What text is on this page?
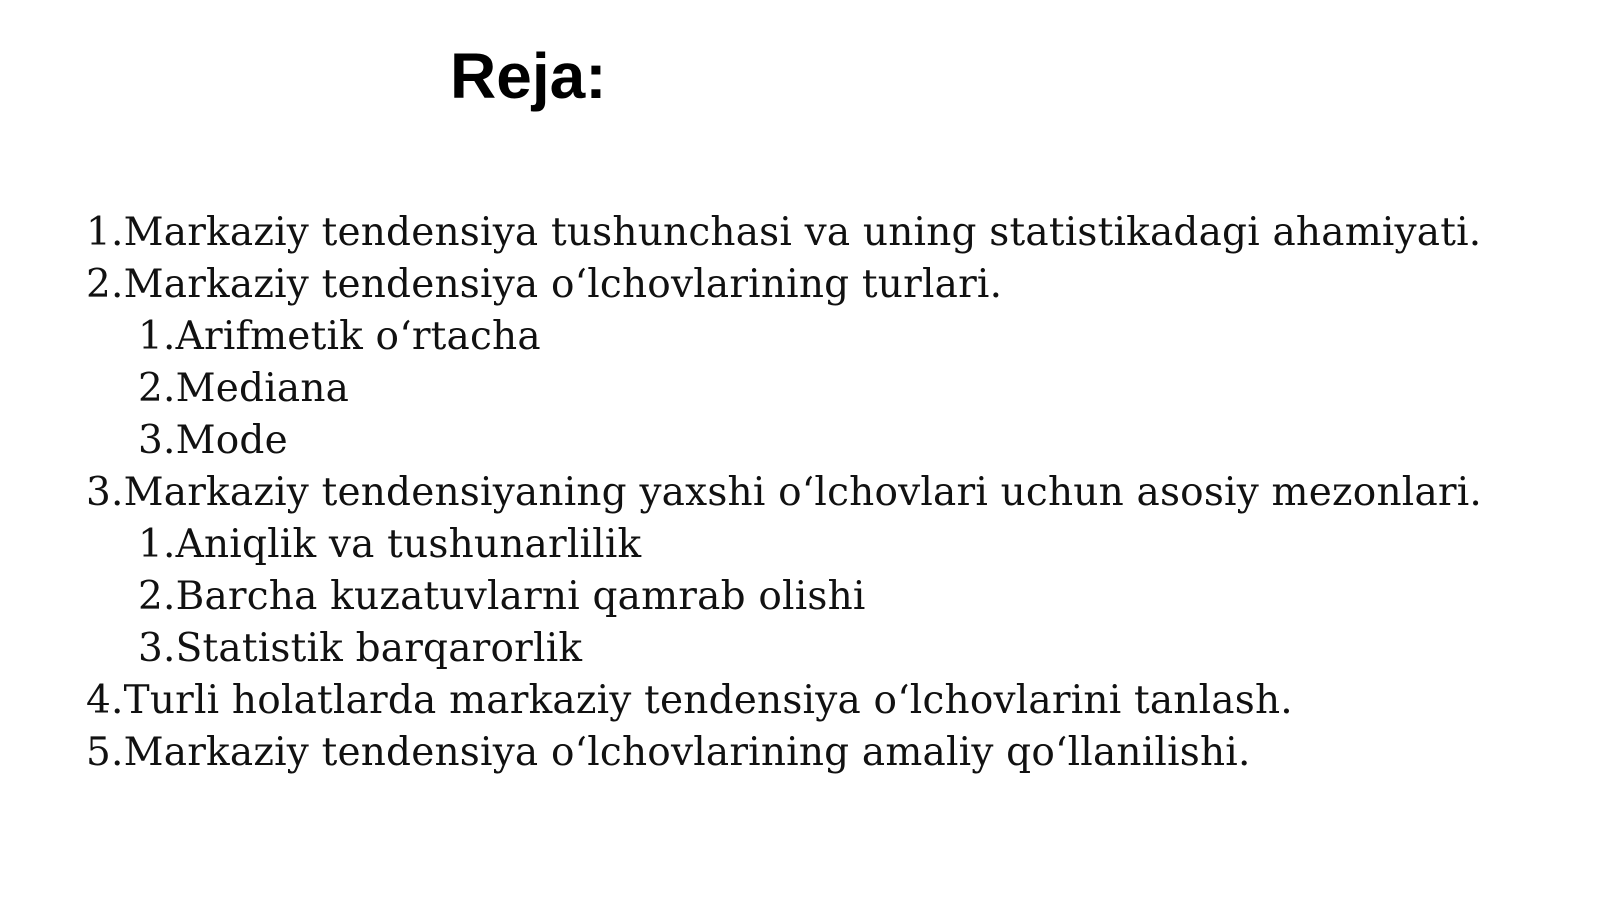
Reja:
1.Markaziy tendensiya tushunchasi va uning statistikadagi ahamiyati.
2.Markaziy tendensiya oʻlchovlarining turlari.
1.Arifmetik oʻrtacha
2.Mediana
3.Mode
3.Markaziy tendensiyaning yaxshi oʻlchovlari uchun asosiy mezonlari.
1.Aniqlik va tushunarlilik
2.Barcha kuzatuvlarni qamrab olishi
3.Statistik barqarorlik
4.Turli holatlarda markaziy tendensiya oʻlchovlarini tanlash.
5.Markaziy tendensiya oʻlchovlarining amaliy qoʻllanilishi.
